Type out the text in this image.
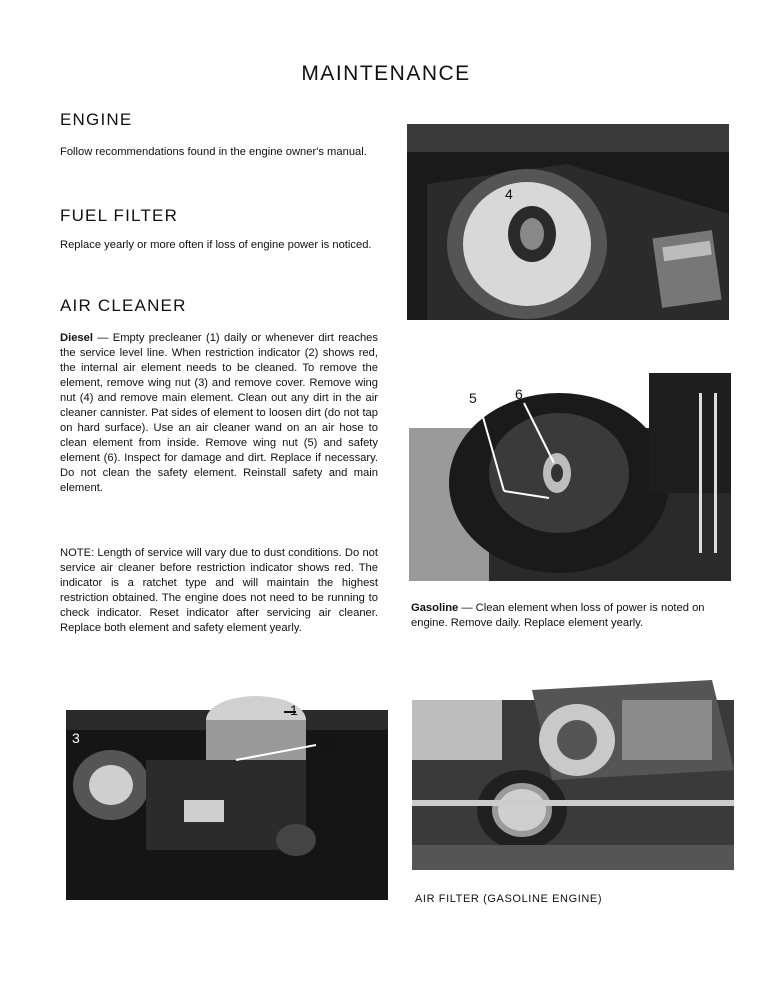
MAINTENANCE
ENGINE

Follow recommendations found in the engine owner's manual.

FUEL FILTER

Replace yearly or more often if loss of engine power is noticed.

AIR CLEANER

Diesel — Empty precleaner (1) daily or whenever dirt reaches the service level line. When restriction indicator (2) shows red, the internal air element needs to be cleaned. To remove the element, remove wing nut (3) and remove cover. Remove wing nut (4) and remove main element. Clean out any dirt in the air cleaner cannister. Pat sides of element to loosen dirt (do not tap on hard surface). Use an air cleaner wand on an air hose to clean element from inside. Remove wing nut (5) and safety element (6). Inspect for damage and dirt. Replace if necessary. Do not clean the safety element. Reinstall safety and main element.

NOTE: Length of service will vary due to dust conditions. Do not service air cleaner before restriction indicator shows red. The indicator is a ratchet type and will maintain the highest restriction obtained. The engine does not need to be running to check indicator. Reset indicator after servicing air cleaner. Replace both element and safety element yearly.

4
5	6

Gasoline — Clean element when loss of power is noted on engine. Remove daily. Replace element yearly.

1
2
3
AIR FILTER (GASOLINE ENGINE)
